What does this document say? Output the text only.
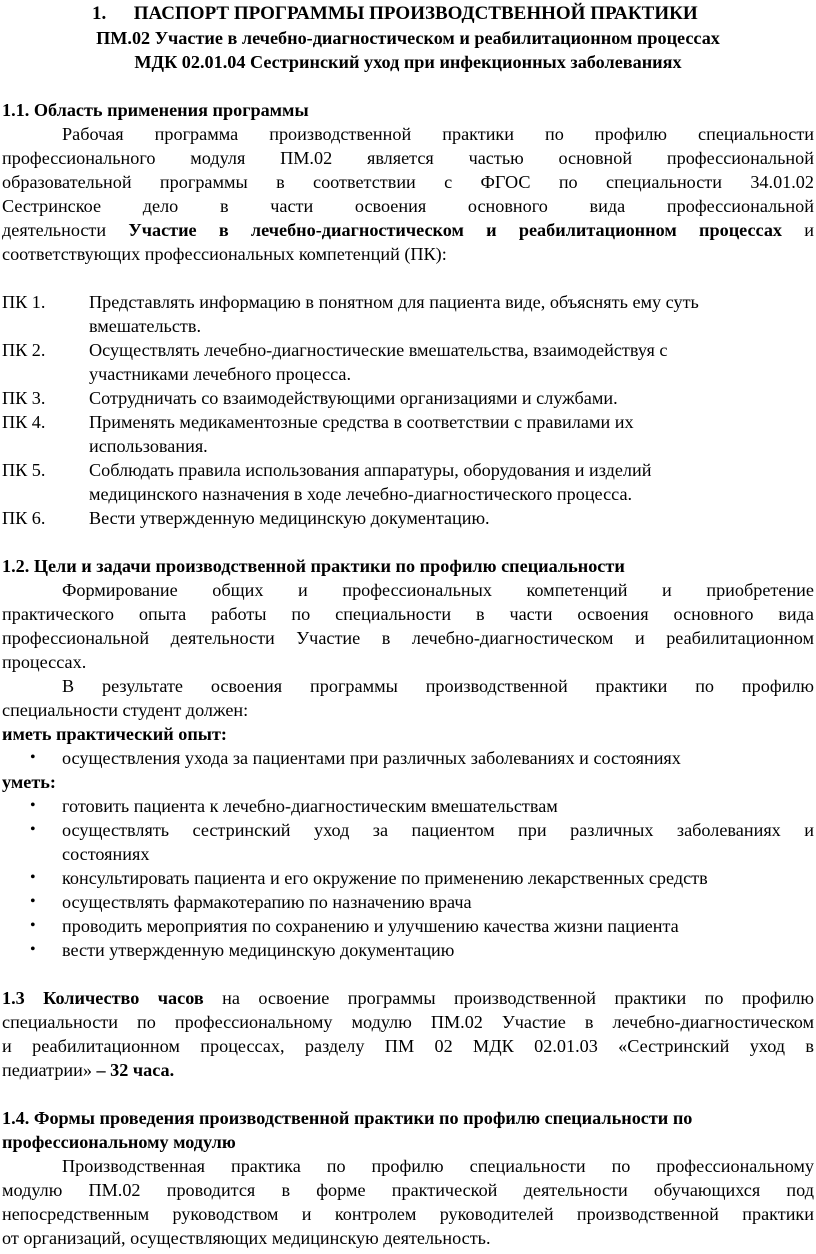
1. ПАСПОРТ ПРОГРАММЫ ПРОИЗВОДСТВЕННОЙ ПРАКТИКИ
ПМ.02 Участие в лечебно-диагностическом и реабилитационном процессах
МДК 02.01.04 Сестринский уход при инфекционных заболеваниях
1.1. Область применения программы
Рабочая программа производственной практики по профилю специальности
профессионального модуля ПМ.02 является частью основной профессиональной
образовательной программы в соответствии с ФГОС по специальности 34.01.02
Сестринское дело в части освоения основного вида профессиональной
деятельности Участие в лечебно-диагностическом и реабилитационном процессах и
соответствующих профессиональных компетенций (ПК):
ПК 1.	Представлять информацию в понятном для пациента виде, объяснять ему суть
вмешательств.
ПК 2.	Осуществлять лечебно-диагностические вмешательства, взаимодействуя с
участниками лечебного процесса.
ПК 3.	Сотрудничать со взаимодействующими организациями и службами.
ПК 4.	Применять медикаментозные средства в соответствии с правилами их
использования.
ПК 5.	Соблюдать правила использования аппаратуры, оборудования и изделий
медицинского назначения в ходе лечебно-диагностического процесса.
ПК 6.	Вести утвержденную медицинскую документацию.
1.2. Цели и задачи производственной практики по профилю специальности
Формирование общих и профессиональных компетенций и приобретение
практического опыта работы по специальности в части освоения основного вида
профессиональной деятельности Участие в лечебно-диагностическом и реабилитационном
процессах.
В результате освоения программы производственной практики по профилю
специальности студент должен:
иметь практический опыт:
• осуществления ухода за пациентами при различных заболеваниях и состояниях
уметь:
• готовить пациента к лечебно-диагностическим вмешательствам
• осуществлять сестринский уход за пациентом при различных заболеваниях и
состояниях
• консультировать пациента и его окружение по применению лекарственных средств
• осуществлять фармакотерапию по назначению врача
• проводить мероприятия по сохранению и улучшению качества жизни пациента
• вести утвержденную медицинскую документацию
1.3 Количество часов на освоение программы производственной практики по профилю
специальности по профессиональному модулю ПМ.02 Участие в лечебно-диагностическом
и реабилитационном процессах, разделу ПМ 02 МДК 02.01.03 «Сестринский уход в
педиатрии» – 32 часа.
1.4. Формы проведения производственной практики по профилю специальности по
профессиональному модулю
Производственная практика по профилю специальности по профессиональному
модулю ПМ.02 проводится в форме практической деятельности обучающихся под
непосредственным руководством и контролем руководителей производственной практики
от организаций, осуществляющих медицинскую деятельность.
